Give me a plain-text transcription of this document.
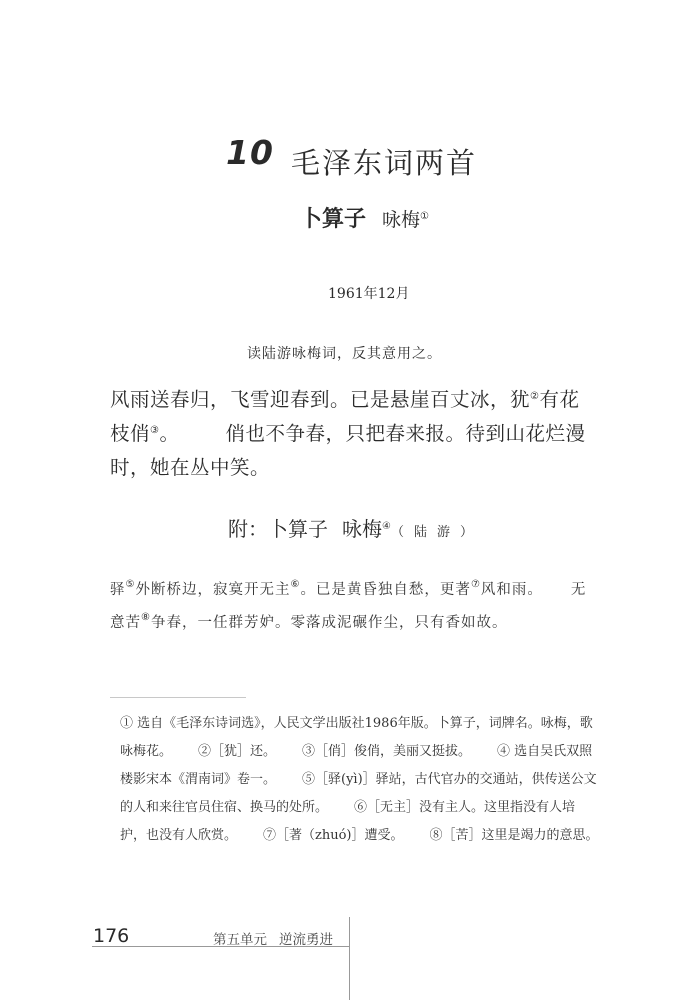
10 毛泽东词两首
卜算子 咏梅①
1961年12月
读陆游咏梅词，反其意用之。
风雨送春归，飞雪迎春到。已是悬崖百丈冰，犹②有花枝俏③。 俏也不争春，只把春来报。待到山花烂漫时，她在丛中笑。
附：卜算子 咏梅④（陆游）
驿⑤外断桥边，寂寞开无主⑥。已是黄昏独自愁，更著⑦风和雨。 无意苦⑧争春，一任群芳妒。零落成泥碾作尘，只有香如故。
① 选自《毛泽东诗词选》，人民文学出版社1986年版。卜算子，词牌名。咏梅，歌咏梅花。 ②［犹］还。 ③［俏］俊俏，美丽又挺拔。 ④ 选自吴氏双照楼影宋本《渭南词》卷一。 ⑤［驿(yì)］驿站，古代官办的交通站，供传送公文的人和来往官员住宿、换马的处所。 ⑥［无主］没有主人。这里指没有人培护，也没有人欣赏。 ⑦［著（zhuó)］遭受。 ⑧［苦］这里是竭力的意思。
176	第五单元 逆流勇进
